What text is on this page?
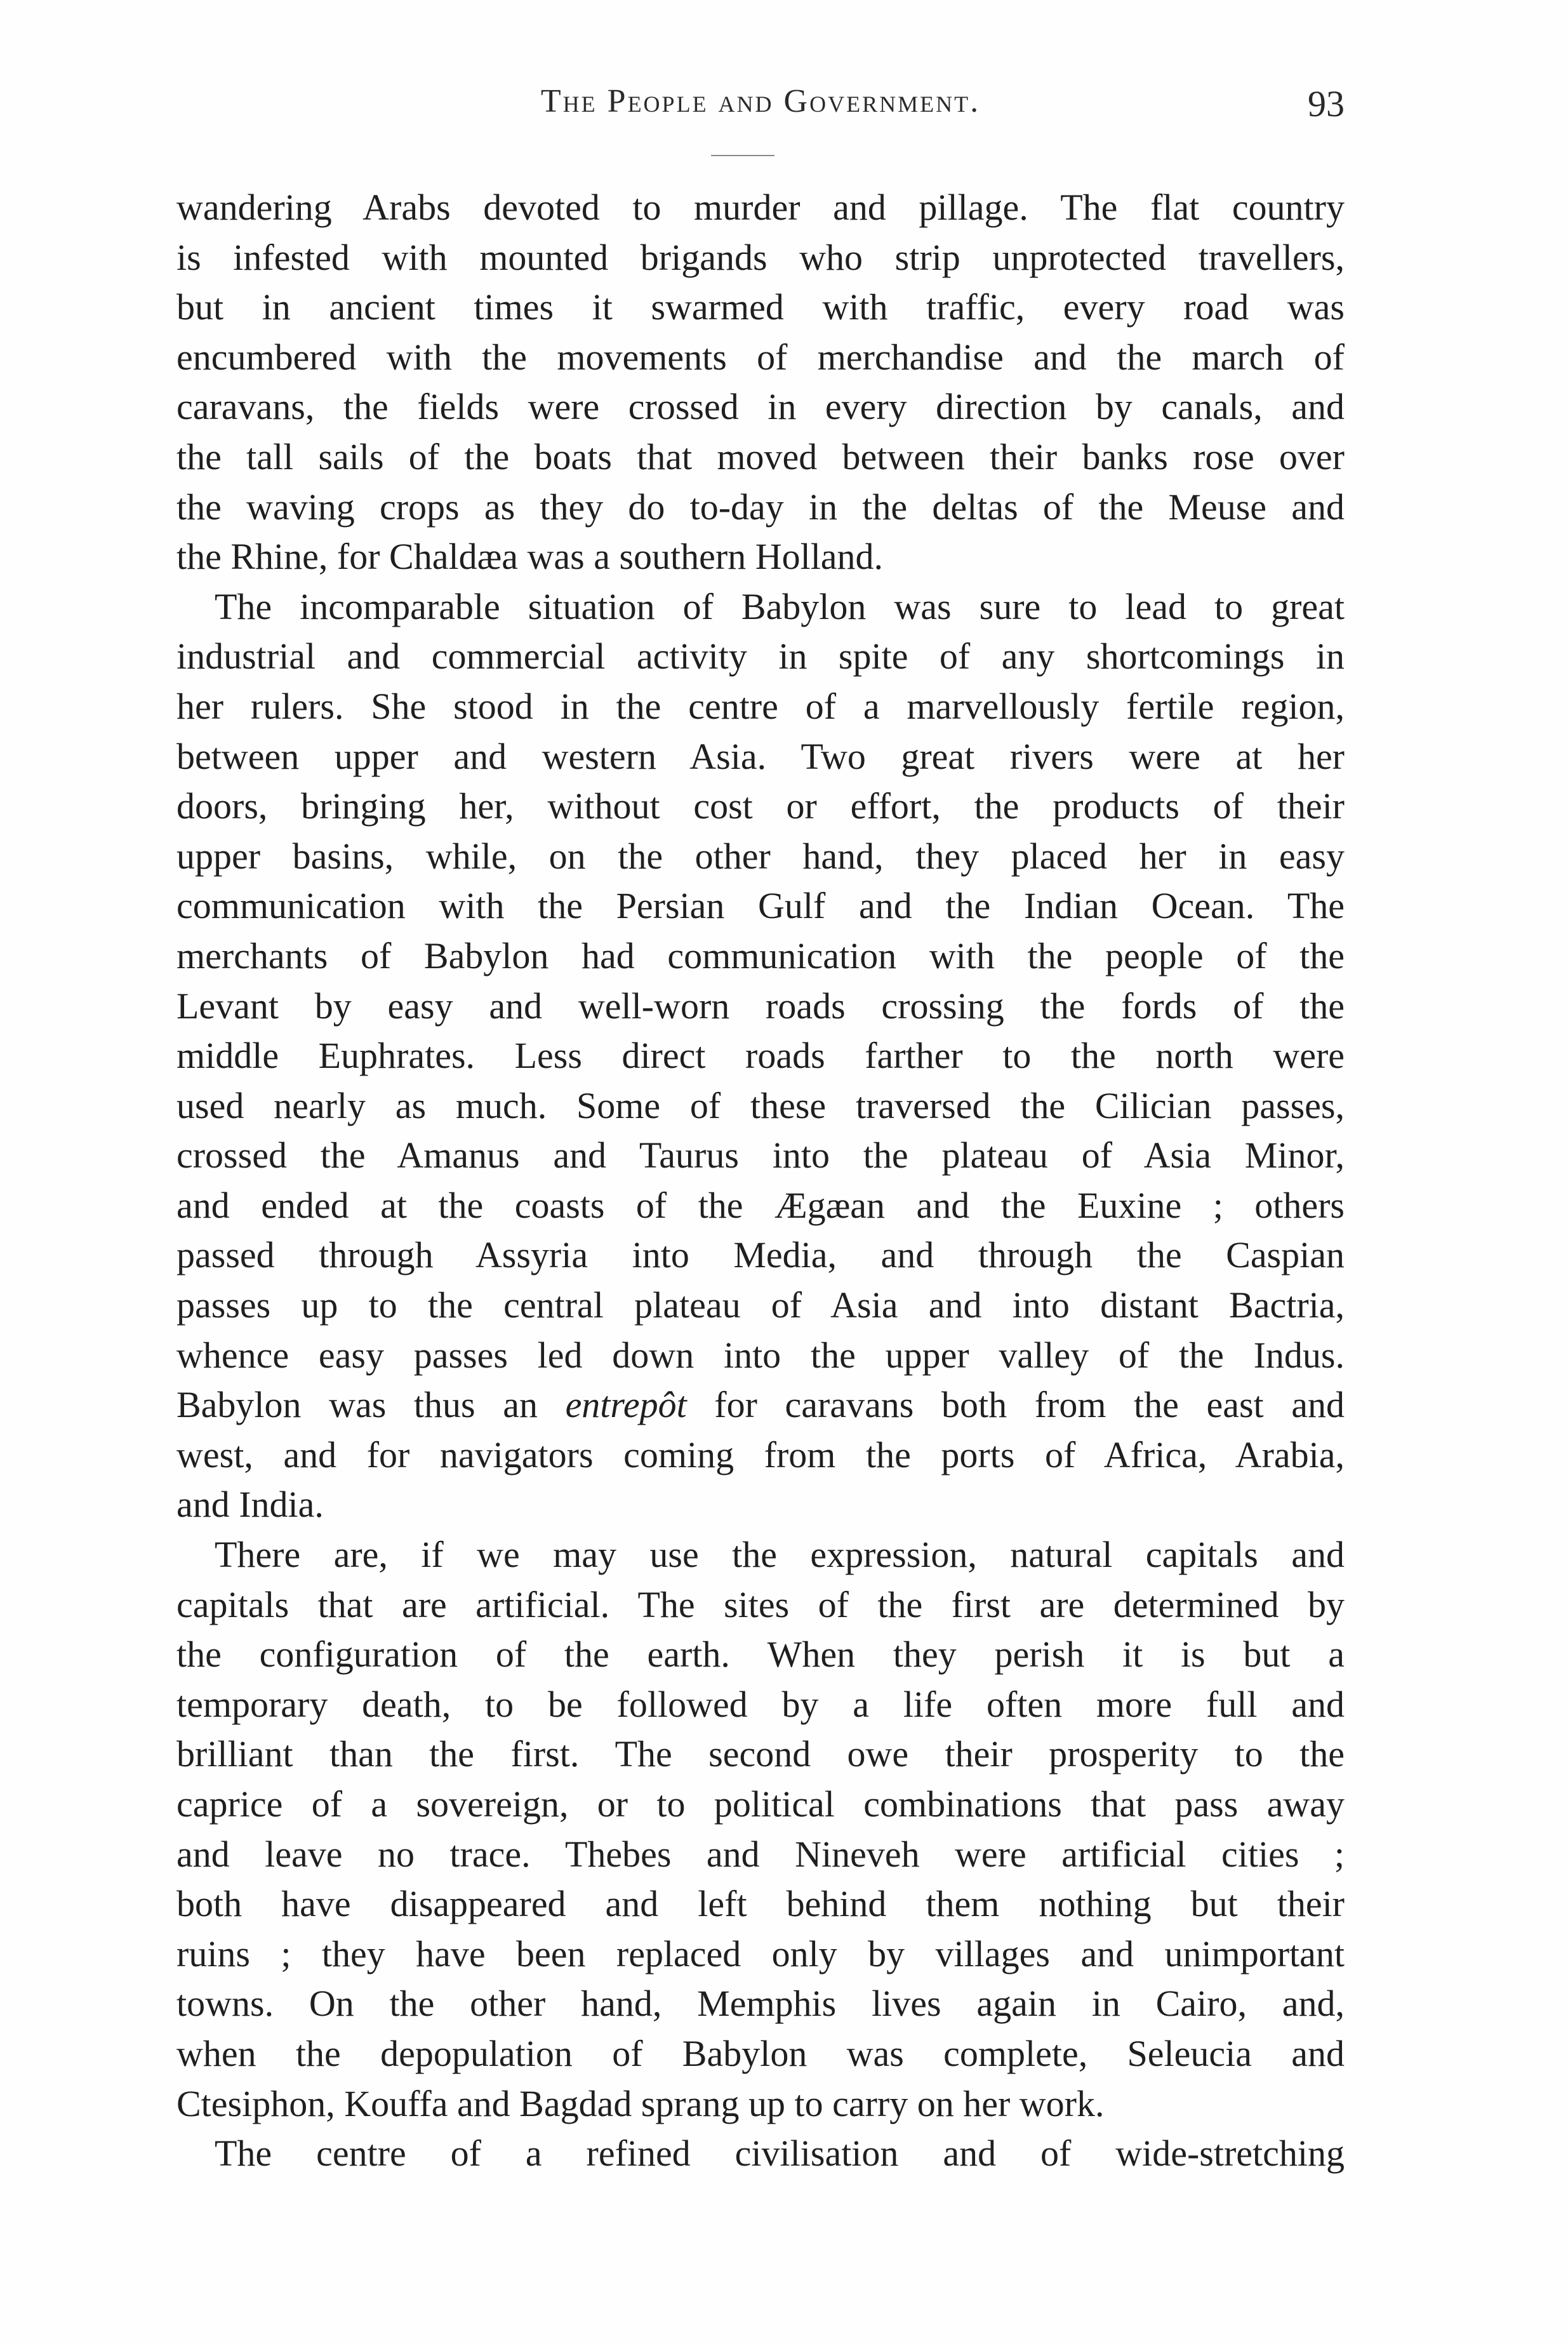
The People and Government.	93
wandering Arabs devoted to murder and pillage. The flat country
is infested with mounted brigands who strip unprotected travellers,
but in ancient times it swarmed with traffic, every road was
encumbered with the movements of merchandise and the march of
caravans, the fields were crossed in every direction by canals, and
the tall sails of the boats that moved between their banks rose over
the waving crops as they do to-day in the deltas of the Meuse and
the Rhine, for Chaldæa was a southern Holland.
The incomparable situation of Babylon was sure to lead to great
industrial and commercial activity in spite of any shortcomings in
her rulers. She stood in the centre of a marvellously fertile region,
between upper and western Asia. Two great rivers were at her
doors, bringing her, without cost or effort, the products of their
upper basins, while, on the other hand, they placed her in easy
communication with the Persian Gulf and the Indian Ocean. The
merchants of Babylon had communication with the people of the
Levant by easy and well-worn roads crossing the fords of the
middle Euphrates. Less direct roads farther to the north were
used nearly as much. Some of these traversed the Cilician passes,
crossed the Amanus and Taurus into the plateau of Asia Minor,
and ended at the coasts of the Ægæan and the Euxine ; others
passed through Assyria into Media, and through the Caspian
passes up to the central plateau of Asia and into distant Bactria,
whence easy passes led down into the upper valley of the Indus.
Babylon was thus an entrepôt for caravans both from the east and
west, and for navigators coming from the ports of Africa, Arabia,
and India.
There are, if we may use the expression, natural capitals and
capitals that are artificial. The sites of the first are determined by
the configuration of the earth. When they perish it is but a
temporary death, to be followed by a life often more full and
brilliant than the first. The second owe their prosperity to the
caprice of a sovereign, or to political combinations that pass away
and leave no trace. Thebes and Nineveh were artificial cities ;
both have disappeared and left behind them nothing but their
ruins ; they have been replaced only by villages and unimportant
towns. On the other hand, Memphis lives again in Cairo, and,
when the depopulation of Babylon was complete, Seleucia and
Ctesiphon, Kouffa and Bagdad sprang up to carry on her work.
The centre of a refined civilisation and of wide-stretching
